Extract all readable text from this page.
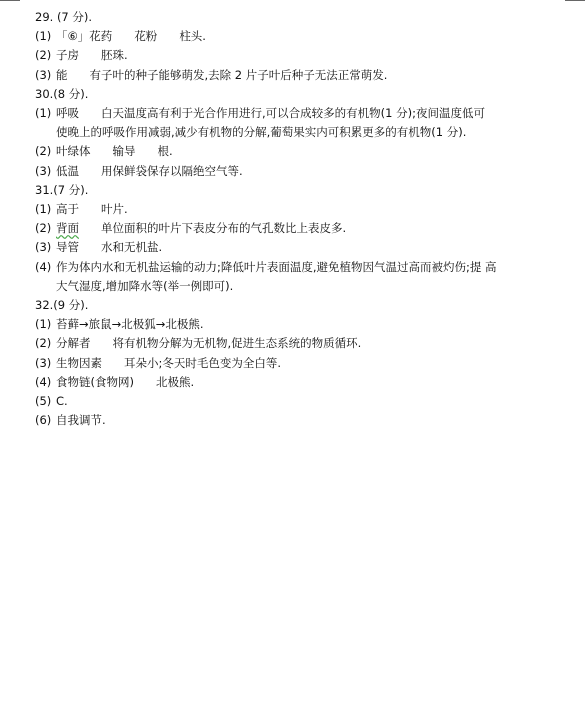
29. (7 分).
(1) 「⑥」花药 花粉 柱头.
(2) 子房 胚珠.
(3) 能 有子叶的种子能够萌发,去除 2 片子叶后种子无法正常萌发.
30.(8 分).
(1) 呼吸 白天温度高有利于光合作用进行,可以合成较多的有机物(1 分);夜间温度低可
使晚上的呼吸作用减弱,减少有机物的分解,葡萄果实内可积累更多的有机物(1 分).
(2) 叶绿体 输导 根.
(3) 低温 用保鲜袋保存以隔绝空气等.
31.(7 分).
(1) 高于 叶片.
(2) 背面 单位面积的叶片下表皮分布的气孔数比上表皮多.
(3) 导管 水和无机盐.
(4) 作为体内水和无机盐运输的动力;降低叶片表面温度,避免植物因气温过高而被灼伤;提 高
大气湿度,增加降水等(举一例即可).
32.(9 分).
(1) 苔藓→旅鼠→北极狐→北极熊.
(2) 分解者 将有机物分解为无机物,促进生态系统的物质循环.
(3) 生物因素 耳朵小;冬天时毛色变为全白等.
(4) 食物链(食物网) 北极熊.
(5) C.
(6) 自我调节.
